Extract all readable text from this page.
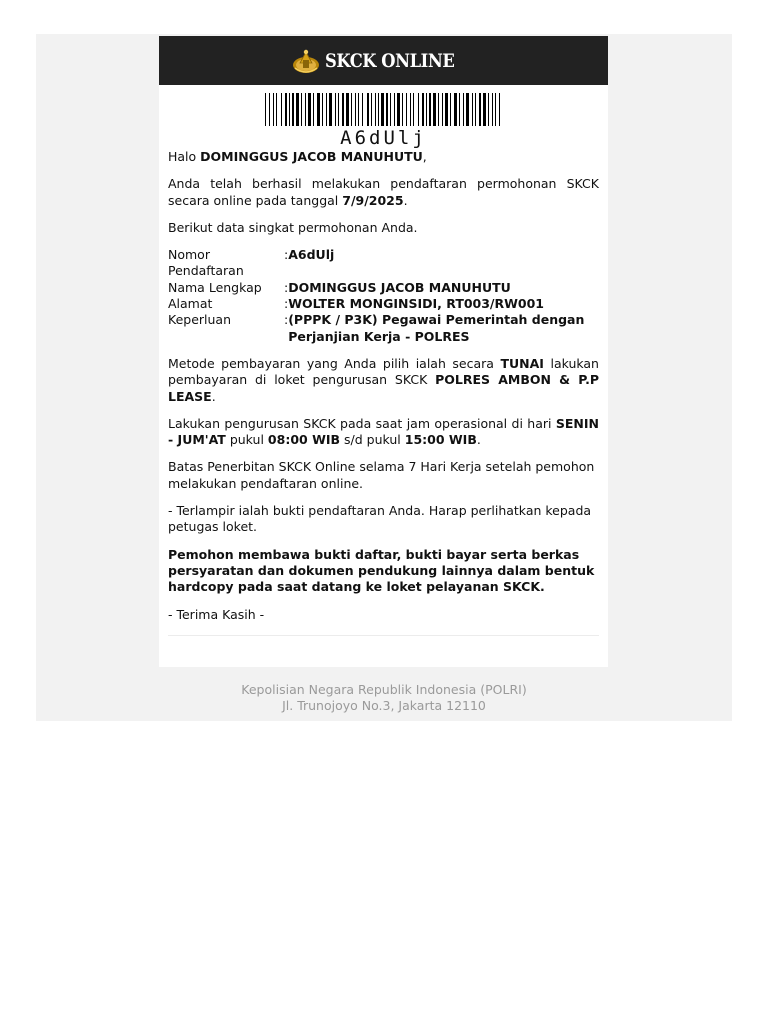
SKCK ONLINE
A6dUlj

Halo DOMINGGUS JACOB MANUHUTU,

Anda telah berhasil melakukan pendaftaran permohonan SKCK secara online pada tanggal 7/9/2025.

Berikut data singkat permohonan Anda.

Nomor Pendaftaran	:A6dUlj
Nama Lengkap	:DOMINGGUS JACOB MANUHUTU
Alamat	:WOLTER MONGINSIDI, RT003/RW001
Keperluan		: (PPPK / P3K) Pegawai Pemerintah dengan Perjanjian Kerja - POLRES

Metode pembayaran yang Anda pilih ialah secara TUNAI lakukan pembayaran di loket pengurusan SKCK POLRES AMBON & P.P LEASE.

Lakukan pengurusan SKCK pada saat jam operasional di hari SENIN - JUM'AT pukul 08:00 WIB s/d pukul 15:00 WIB.

Batas Penerbitan SKCK Online selama 7 Hari Kerja setelah pemohon melakukan pendaftaran online.

- Terlampir ialah bukti pendaftaran Anda. Harap perlihatkan kepada petugas loket.

Pemohon membawa bukti daftar, bukti bayar serta berkas persyaratan dan dokumen pendukung lainnya dalam bentuk hardcopy pada saat datang ke loket pelayanan SKCK.

- Terima Kasih -

Kepolisian Negara Republik Indonesia (POLRI)
Jl. Trunojoyo No.3, Jakarta 12110
